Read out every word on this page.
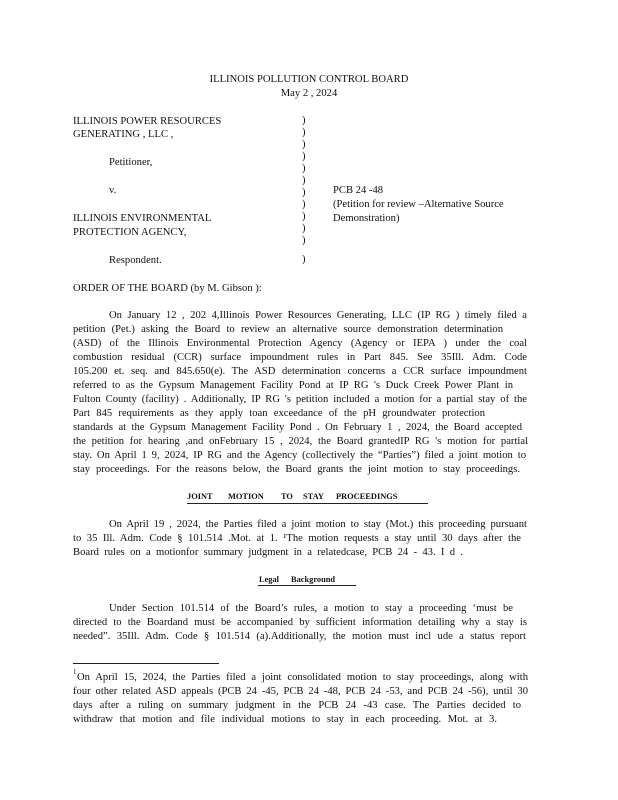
ILLINOIS POLLUTION CONTROL BOARD
May 2 , 2024
ILLINOIS POWER RESOURCES
GENERATING , LLC ,
Petitioner,
v.
ILLINOIS ENVIRONMENTAL
PROTECTION AGENCY,
Respondent.
)
)
)
)
)
)
)
)
)
)
)
)
PCB 24 -48
(Petition for review –Alternative Source
Demonstration)
ORDER OF THE BOARD (by M. Gibson ):
On January 12 , 202 4,Illinois Power Resources Generating, LLC (IP RG ) timely filed a
petition (Pet.) asking the Board to review an alternative source demonstration determination
(ASD) of the Illinois Environmental Protection Agency (Agency or IEPA ) under the coal
combustion residual (CCR) surface impoundment rules in Part 845. See 35Ill. Adm. Code
105.200 et. seq. and 845.650(e). The ASD determination concerns a CCR surface impoundment
referred to as the Gypsum Management Facility Pond at IP RG 's Duck Creek Power Plant in
Fulton County (facility) . Additionally, IP RG 's petition included a motion for a partial stay of the
Part 845 requirements as they apply toan exceedance of the pH groundwater protection
standards at the Gypsum Management Facility Pond . On February 1 , 2024, the Board accepted
the petition for hearing ,and onFebruary 15 , 2024, the Board grantedIP RG 's motion for partial
stay. On April 1 9, 2024, IP RG and the Agency (collectively the “Parties”) filed a joint motion to
stay proceedings. For the reasons below, the Board grants the joint motion to stay proceedings.
JOINT MOTION TO STAY PROCEEDINGS
On April 19 , 2024, the Parties filed a joint motion to stay (Mot.) this proceeding pursuant
to 35 Ill. Adm. Code § 101.514 .Mot. at 1. ¹The motion requests a stay until 30 days after the
Board rules on a motionfor summary judgment in a relatedcase, PCB 24 - 43. I d .
Legal Background
Under Section 101.514 of the Board’s rules, a motion to stay a proceeding ‘must be
directed to the Boardand must be accompanied by sufficient information detailing why a stay is
needed”. 35Ill. Adm. Code § 101.514 (a).Additionally, the motion must incl ude a status report
1 On April 15, 2024, the Parties filed a joint consolidated motion to stay proceedings, along with
four other related ASD appeals (PCB 24 -45, PCB 24 -48, PCB 24 -53, and PCB 24 -56), until 30
days after a ruling on summary judgment in the PCB 24 -43 case. The Parties decided to
withdraw that motion and file individual motions to stay in each proceeding. Mot. at 3.
